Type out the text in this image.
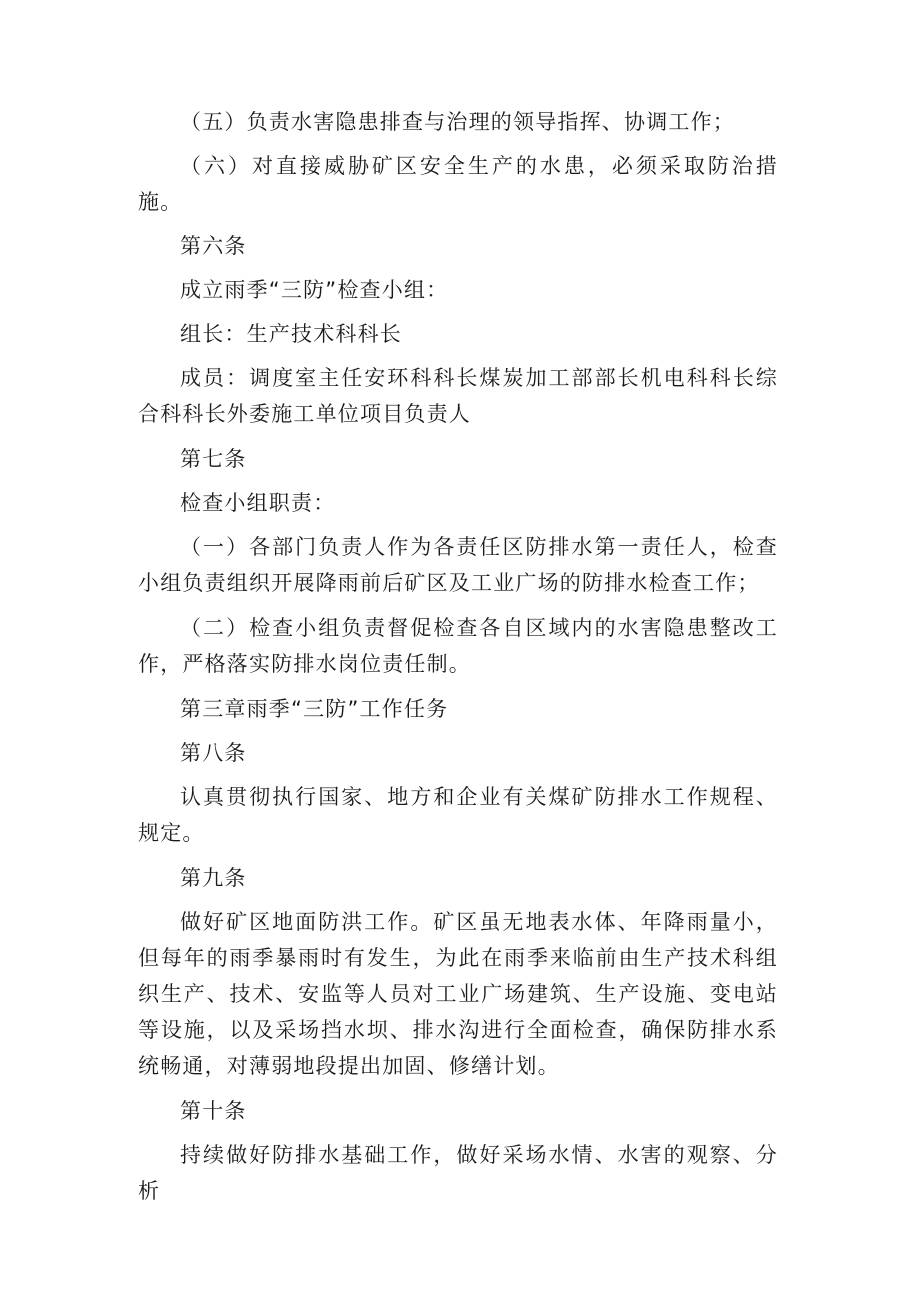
（五）负责水害隐患排查与治理的领导指挥、协调工作；

（六）对直接威胁矿区安全生产的水患，必须采取防治措施。

第六条

成立雨季“三防”检查小组：

组长：生产技术科科长

成员：调度室主任安环科科长煤炭加工部部长机电科科长综合科科长外委施工单位项目负责人

第七条

检查小组职责：

（一）各部门负责人作为各责任区防排水第一责任人，检查小组负责组织开展降雨前后矿区及工业广场的防排水检查工作；

（二）检查小组负责督促检查各自区域内的水害隐患整改工作，严格落实防排水岗位责任制。

第三章雨季“三防”工作任务

第八条

认真贯彻执行国家、地方和企业有关煤矿防排水工作规程、规定。

第九条

做好矿区地面防洪工作。矿区虽无地表水体、年降雨量小，但每年的雨季暴雨时有发生，为此在雨季来临前由生产技术科组织生产、技术、安监等人员对工业广场建筑、生产设施、变电站等设施，以及采场挡水坝、排水沟进行全面检查，确保防排水系统畅通，对薄弱地段提出加固、修缮计划。

第十条

持续做好防排水基础工作，做好采场水情、水害的观察、分析
